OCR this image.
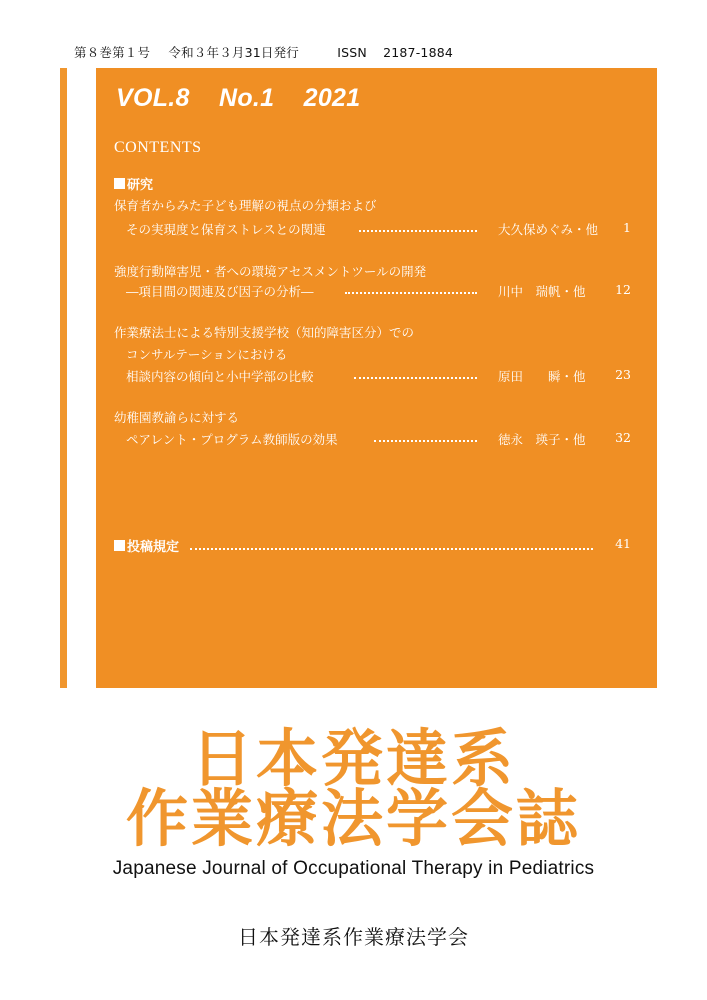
第８巻第１号 令和３年３月31日発行	ISSN 2187-1884
VOL.8 No.1 2021
CONTENTS
研究
保育者からみた子ども理解の視点の分類および
その実現度と保育ストレスとの関連	大久保めぐみ・他 1
強度行動障害児・者への環境アセスメントツールの開発
―項目間の関連及び因子の分析―	川中　瑞帆・他 12
作業療法士による特別支援学校（知的障害区分）での
コンサルテーションにおける
相談内容の傾向と小中学部の比較	原田　　瞬・他 23
幼稚園教諭らに対する
ペアレント・プログラム教師版の効果	徳永　瑛子・他 32
投稿規定	41
日本発達系
作業療法学会誌
Japanese Journal of Occupational Therapy in Pediatrics
日本発達系作業療法学会
